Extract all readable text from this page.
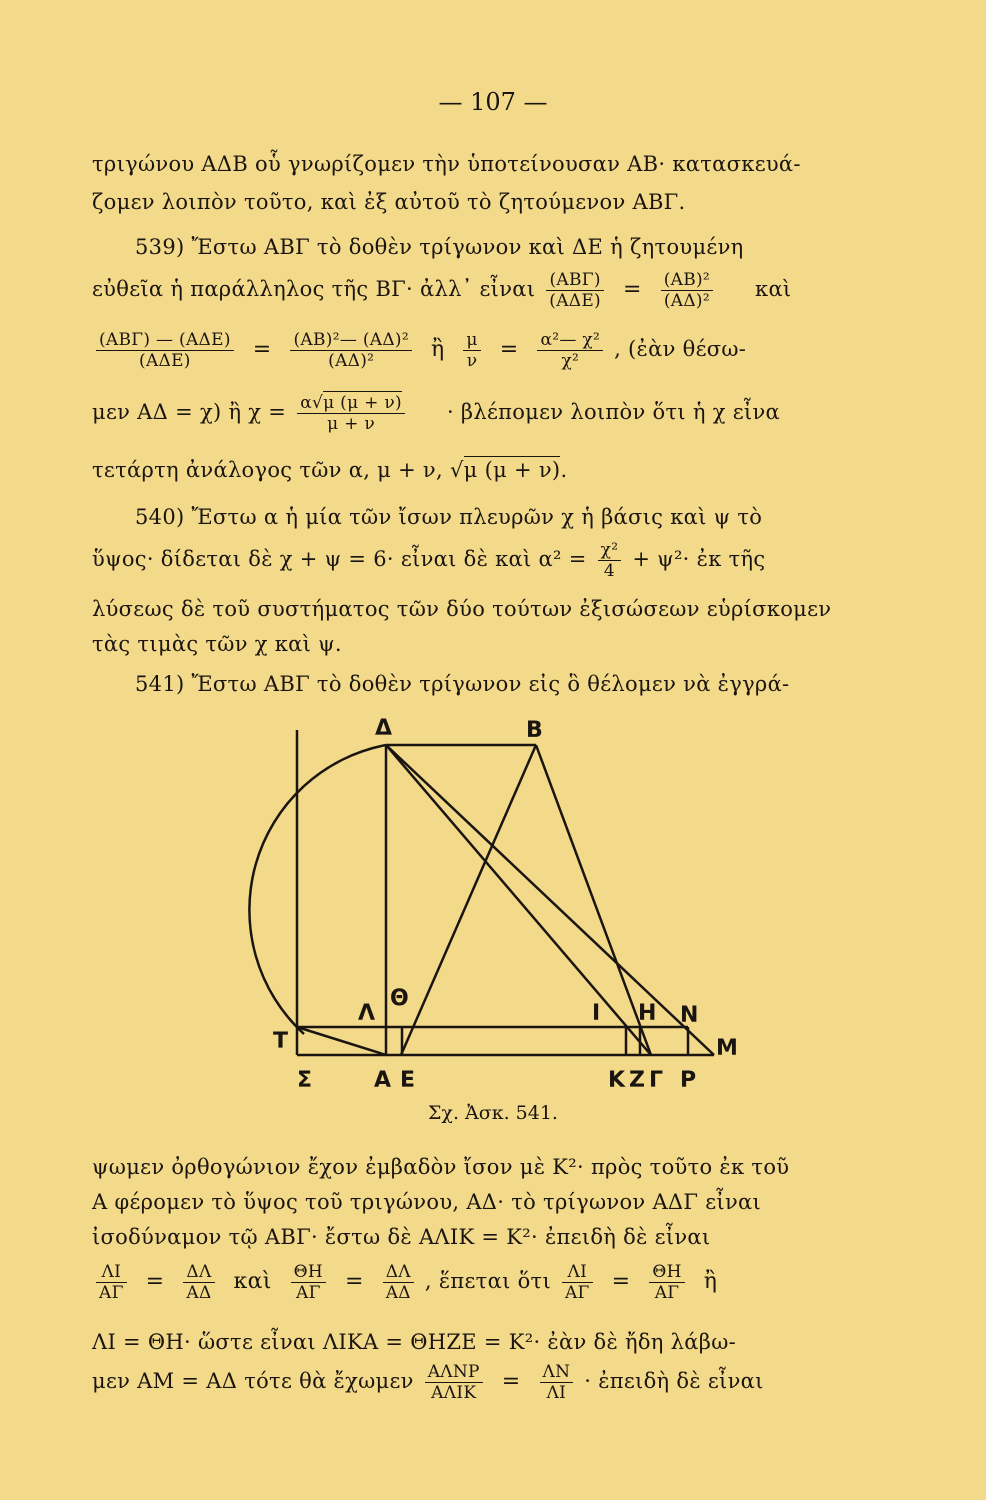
— 107 —
τριγώνου ΑΔΒ οὗ γνωρίζομεν τὴν ὑποτείνουσαν ΑΒ· κατασκευά-
ζομεν λοιπὸν τοῦτο, καὶ ἐξ αὐτοῦ τὸ ζητούμενον ΑΒΓ.
539) Ἔστω ΑΒΓ τὸ δοθὲν τρίγωνον καὶ ΔΕ ἡ ζητουμένη
εὐθεῖα ἡ παράλληλος τῆς ΒΓ· ἀλλ᾽ εἶναι $\frac{\text{(ΑΒΓ)}}{\text{(ΑΔΕ)}} = \frac{\text{(ΑΒ)²}}{\text{(ΑΔ)²}}$ καὶ
$\frac{\text{(ΑΒΓ) — (ΑΔΕ)}}{\text{(ΑΔΕ)}} = \frac{\text{(ΑΒ)²— (ΑΔ)²}}{\text{(ΑΔ)²}}$ ἢ $\frac{\mu}{\nu} = \frac{\text{α²— χ²}}{\text{χ²}}$ , (ἐὰν θέσω-
μεν ΑΔ = χ) ἢ $\chi = \frac{\alpha√\mu (\mu + \nu)}{\mu + \nu} \cdot \beta\lambda έ\pi o\mu\varepsilon\nu$ λοιπὸν ὅτι ἡ χ εἶνα
τετάρτη ἀνάλογος τῶν α, μ + ν, √μ (μ + ν).
540) Ἔστω α ἡ μία τῶν ἴσων πλευρῶν χ ἡ βάσις καὶ ψ τὸ
ὕψος· δίδεται δὲ χ + ψ = 6· εἶναι δὲ καὶ $\alpha^2 = \frac{\text{χ²}}{4} + \psi^2\cdot$ ἐκ τῆς
λύσεως δὲ τοῦ συστήματος τῶν δύο τούτων ἐξισώσεων εὑρίσκομεν
τὰς τιμὰς τῶν χ καὶ ψ.
541) Ἔστω ΑΒΓ τὸ δοθὲν τρίγωνον εἰς ὃ θέλομεν νὰ ἐγγρά-
Δ	Β
Λ
Θ
Ι Η Ν
Τ	Μ
Σ	Α Ε	Κ Ζ Γ Ρ
Σχ. Ἀσκ. 541.
ψωμεν ὀρθογώνιον ἔχον ἐμβαδὸν ἴσον μὲ Κ²· πρὸς τοῦτο ἐκ τοῦ
Α φέρομεν τὸ ὕψος τοῦ τριγώνου, ΑΔ· τὸ τρίγωνον ΑΔΓ εἶναι
ἰσοδύναμον τῷ ΑΒΓ· ἔστω δὲ ΑΛΙΚ = Κ²· ἐπειδὴ δὲ εἶναι
$\frac{\Lambda I}{A\Gamma} = \frac{\Delta\Lambda}{A\Delta}$ καὶ $\frac{\Theta H}{A\Gamma} = \frac{\Delta\Lambda}{A\Delta}$ , ἕπεται ὅτι $\frac{\Lambda I}{A\Gamma} = \frac{\Theta H}{A\Gamma}$ ἢ
ΛΙ = ΘΗ· ὥστε εἶναι ΛΙΚΑ = ΘΗΖΕ = Κ²· ἐὰν δὲ ἤδη λάβω-
μεν ΑΜ = ΑΔ τότε θὰ ἔχωμεν $\frac{\text{ΑΛΝΡ}}{\text{ΑΛΙΚ}} = \frac{\Lambda N}{\Lambda I}$ · ἐπειδὴ δὲ εἶναι
